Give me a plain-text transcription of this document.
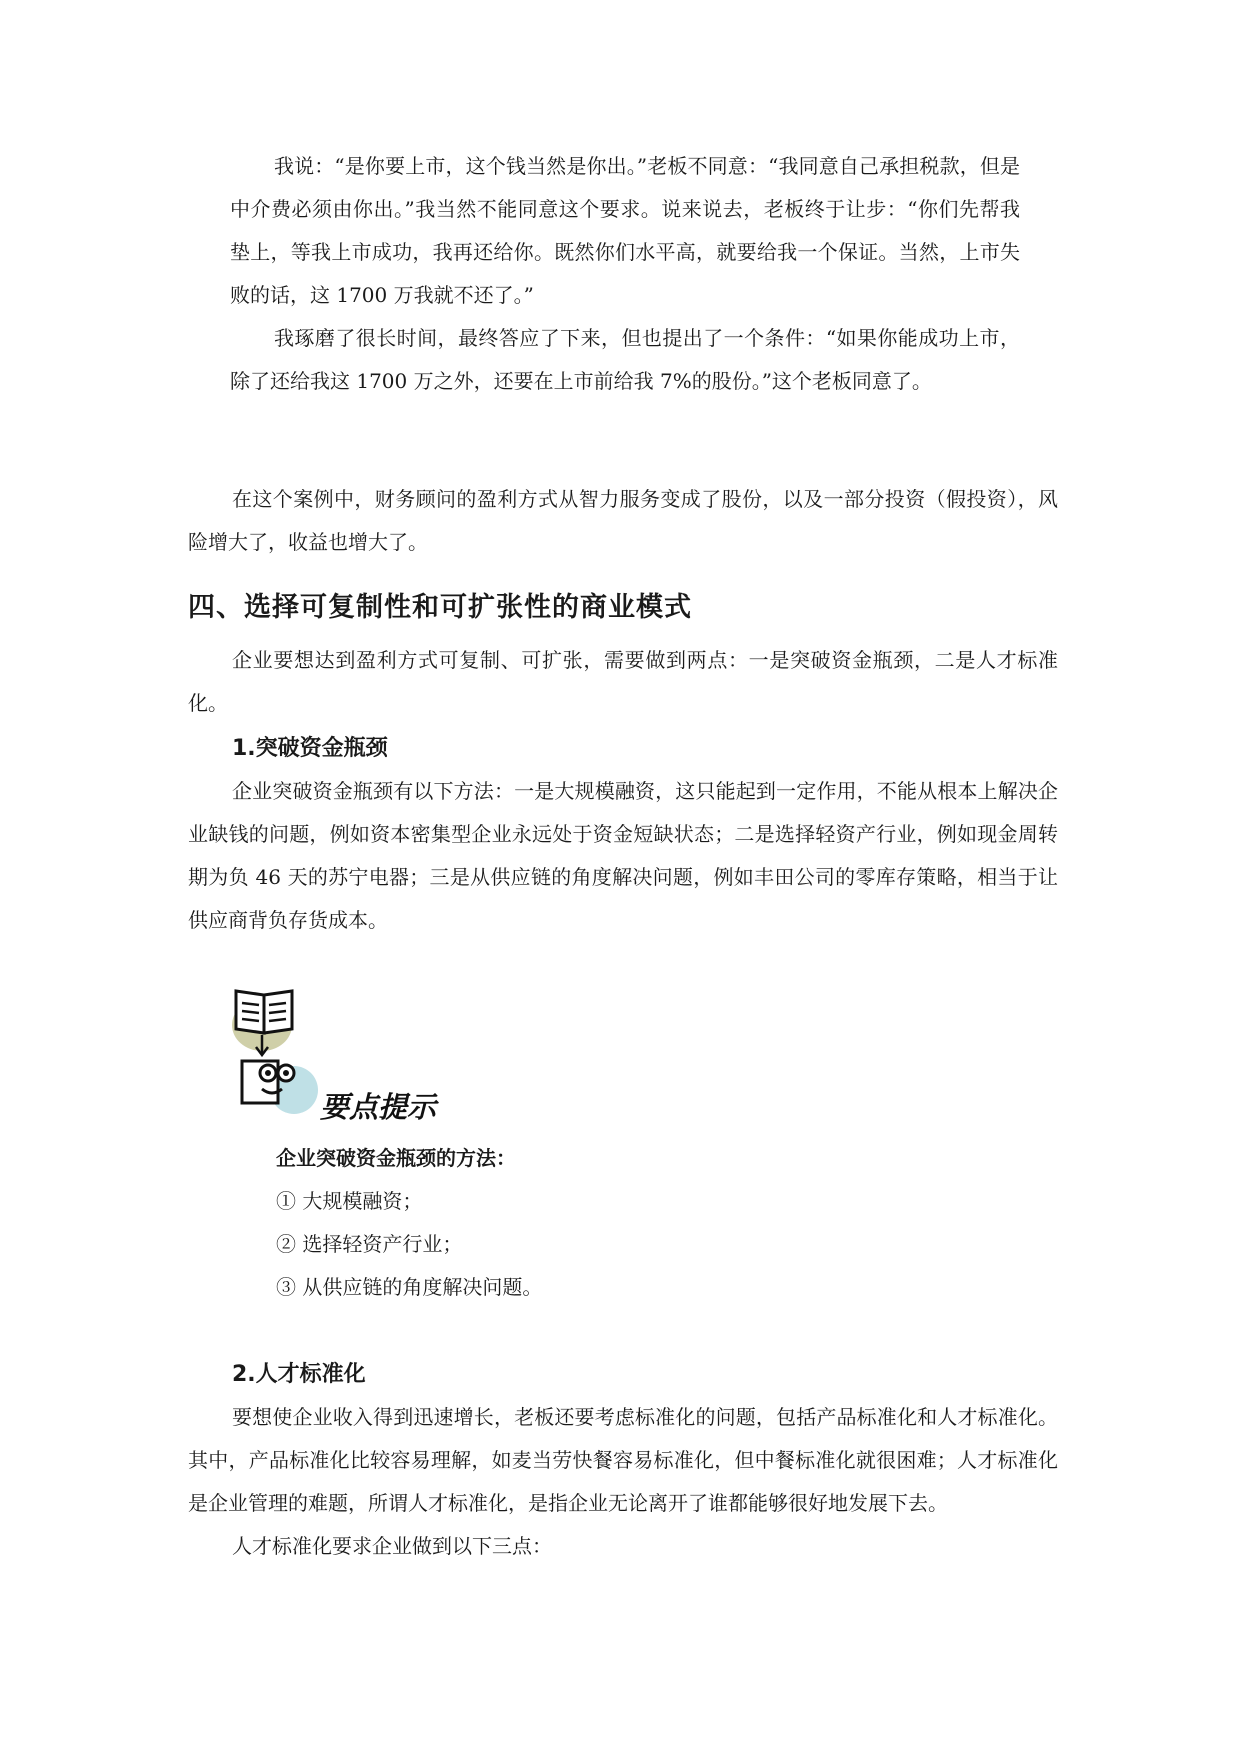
我说：“是你要上市，这个钱当然是你出。”老板不同意：“我同意自己承担税款，但是中介费必须由你出。”我当然不能同意这个要求。说来说去，老板终于让步：“你们先帮我垫上，等我上市成功，我再还给你。既然你们水平高，就要给我一个保证。当然，上市失败的话，这 1700 万我就不还了。”

我琢磨了很长时间，最终答应了下来，但也提出了一个条件：“如果你能成功上市，除了还给我这 1700 万之外，还要在上市前给我 7%的股份。”这个老板同意了。

在这个案例中，财务顾问的盈利方式从智力服务变成了股份，以及一部分投资（假投资），风险增大了，收益也增大了。

四、选择可复制性和可扩张性的商业模式

企业要想达到盈利方式可复制、可扩张，需要做到两点：一是突破资金瓶颈，二是人才标准化。

1.突破资金瓶颈

企业突破资金瓶颈有以下方法：一是大规模融资，这只能起到一定作用，不能从根本上解决企业缺钱的问题，例如资本密集型企业永远处于资金短缺状态；二是选择轻资产行业，例如现金周转期为负 46 天的苏宁电器；三是从供应链的角度解决问题，例如丰田公司的零库存策略，相当于让供应商背负存货成本。

要点提示

企业突破资金瓶颈的方法：

① 大规模融资；

② 选择轻资产行业；

③ 从供应链的角度解决问题。

2.人才标准化

要想使企业收入得到迅速增长，老板还要考虑标准化的问题，包括产品标准化和人才标准化。其中，产品标准化比较容易理解，如麦当劳快餐容易标准化，但中餐标准化就很困难；人才标准化是企业管理的难题，所谓人才标准化，是指企业无论离开了谁都能够很好地发展下去。

人才标准化要求企业做到以下三点：
